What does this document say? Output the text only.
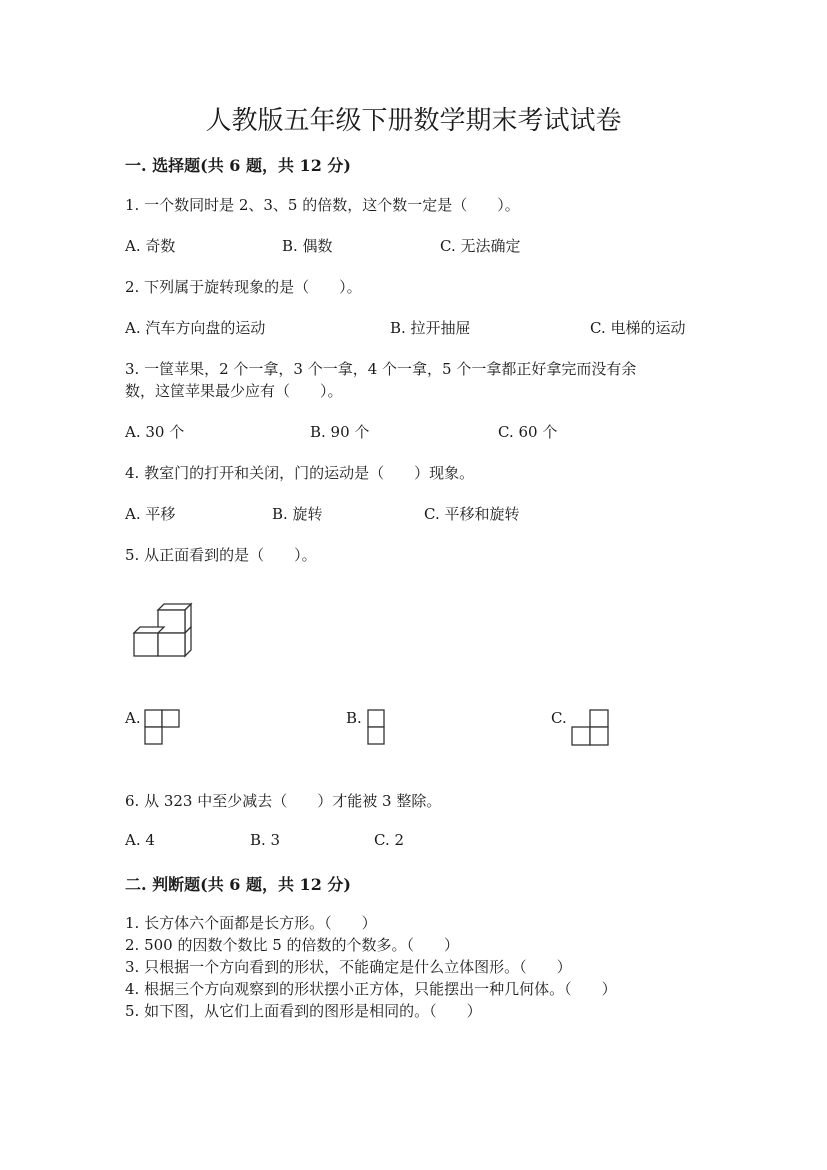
人教版五年级下册数学期末考试试卷
一. 选择题(共 6 题，共 12 分)
1. 一个数同时是 2、3、5 的倍数，这个数一定是（　　）。
A. 奇数	B. 偶数	C. 无法确定
2. 下列属于旋转现象的是（　　）。
A. 汽车方向盘的运动	B. 拉开抽屉	C. 电梯的运动
3. 一筐苹果，2 个一拿，3 个一拿，4 个一拿，5 个一拿都正好拿完而没有余
数，这筐苹果最少应有（　　）。
A. 30 个	B. 90 个	C. 60 个
4. 教室门的打开和关闭，门的运动是（　　）现象。
A. 平移	B. 旋转	C. 平移和旋转
5. 从正面看到的是（　　）。
A.	B.	C.
6. 从 323 中至少减去（　　）才能被 3 整除。
A. 4	B. 3	C. 2
二. 判断题(共 6 题，共 12 分)
1. 长方体六个面都是长方形。（　　）
2. 500 的因数个数比 5 的倍数的个数多。（　　）
3. 只根据一个方向看到的形状，不能确定是什么立体图形。（　　）
4. 根据三个方向观察到的形状摆小正方体，只能摆出一种几何体。（　　）
5. 如下图，从它们上面看到的图形是相同的。（　　）
